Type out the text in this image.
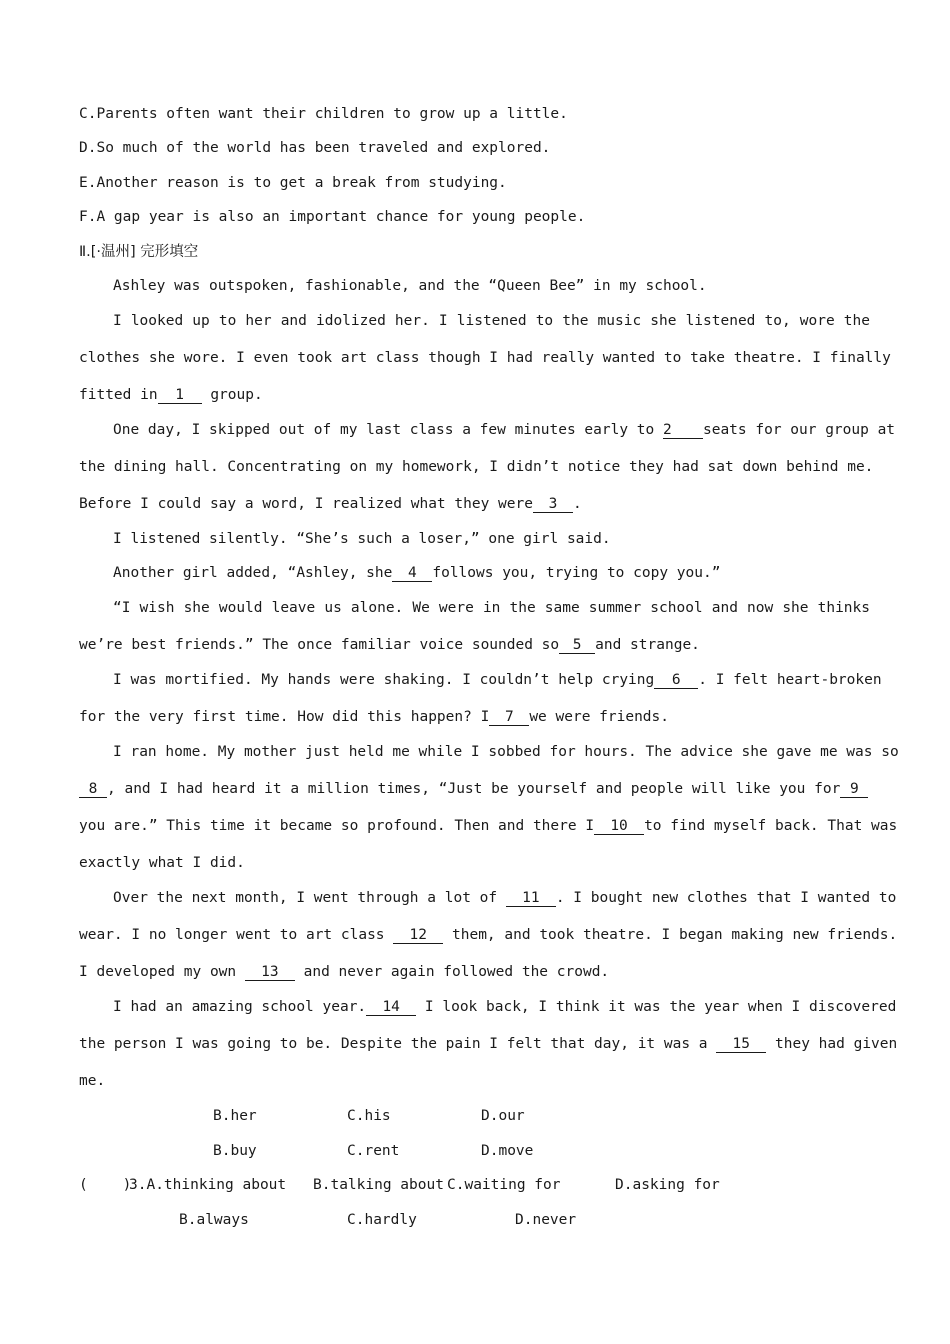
C.Parents often want their children to grow up a little.
D.So much of the world has been traveled and explored.
E.Another reason is to get a break from studying.
F.A gap year is also an important chance for young people.
Ⅱ.[·温州] 完形填空
Ashley was outspoken, fashionable, and the “Queen Bee” in my school.
I looked up to her and idolized her. I listened to the music she listened to, wore the
clothes she wore. I even took art class though I had really wanted to take theatre. I finally
fitted in 1 group.
One day, I skipped out of my last class a few minutes early to 2 seats for our group at
the dining hall. Concentrating on my homework, I didn’t notice they had sat down behind me.
Before I could say a word, I realized what they were 3 .
I listened silently. “She’s such a loser,” one girl said.
Another girl added, “Ashley, she 4 follows you, trying to copy you.”
“I wish she would leave us alone. We were in the same summer school and now she thinks
we’re best friends.” The once familiar voice sounded so 5 and strange.
I was mortified. My hands were shaking. I couldn’t help crying 6 . I felt heart-broken
for the very first time. How did this happen? I 7 we were friends.
I ran home. My mother just held me while I sobbed for hours. The advice she gave me was so
8 , and I had heard it a million times, “Just be yourself and people will like you for 9
you are.” This time it became so profound. Then and there I 10 to find myself back. That was
exactly what I did.
Over the next month, I went through a lot of 11 . I bought new clothes that I wanted to
wear. I no longer went to art class 12 them, and took theatre. I began making new friends.
I developed my own 13 and never again followed the crowd.
I had an amazing school year. 14 I look back, I think it was the year when I discovered
the person I was going to be. Despite the pain I felt that day, it was a 15 they had given
me.
B.her	C.his	D.our
B.buy	C.rent	D.move
(    )
3.A.thinking about B.talking about C.waiting for	D.asking for
B.always	C.hardly	D.never
